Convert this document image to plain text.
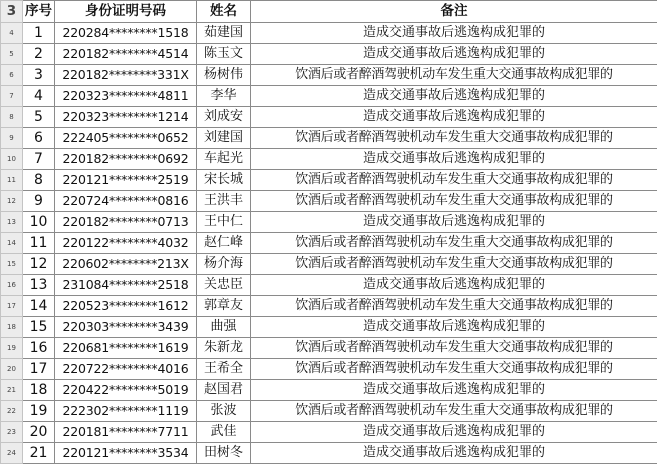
3	序号	身份证明号码	姓名	备注
4	1	220284********1518	茹建国	造成交通事故后逃逸构成犯罪的
5	2	220182********4514	陈玉文	造成交通事故后逃逸构成犯罪的
6	3	220182********331X	杨树伟	饮酒后或者醉酒驾驶机动车发生重大交通事故构成犯罪的
7	4	220323********4811	李华	造成交通事故后逃逸构成犯罪的
8	5	220323********1214	刘成安	造成交通事故后逃逸构成犯罪的
9	6	222405********0652	刘建国	饮酒后或者醉酒驾驶机动车发生重大交通事故构成犯罪的
10	7	220182********0692	车起光	造成交通事故后逃逸构成犯罪的
11	8	220121********2519	宋长城	饮酒后或者醉酒驾驶机动车发生重大交通事故构成犯罪的
12	9	220724********0816	王洪丰	饮酒后或者醉酒驾驶机动车发生重大交通事故构成犯罪的
13	10	220182********0713	王中仁	造成交通事故后逃逸构成犯罪的
14	11	220122********4032	赵仁峰	饮酒后或者醉酒驾驶机动车发生重大交通事故构成犯罪的
15	12	220602********213X	杨介海	饮酒后或者醉酒驾驶机动车发生重大交通事故构成犯罪的
16	13	231084********2518	关忠臣	造成交通事故后逃逸构成犯罪的
17	14	220523********1612	郭章友	饮酒后或者醉酒驾驶机动车发生重大交通事故构成犯罪的
18	15	220303********3439	曲强	造成交通事故后逃逸构成犯罪的
19	16	220681********1619	朱新龙	饮酒后或者醉酒驾驶机动车发生重大交通事故构成犯罪的
20	17	220722********4016	王希全	饮酒后或者醉酒驾驶机动车发生重大交通事故构成犯罪的
21	18	220422********5019	赵国君	造成交通事故后逃逸构成犯罪的
22	19	222302********1119	张波	饮酒后或者醉酒驾驶机动车发生重大交通事故构成犯罪的
23	20	220181********7711	武佳	造成交通事故后逃逸构成犯罪的
24	21	220121********3534	田树冬	造成交通事故后逃逸构成犯罪的
